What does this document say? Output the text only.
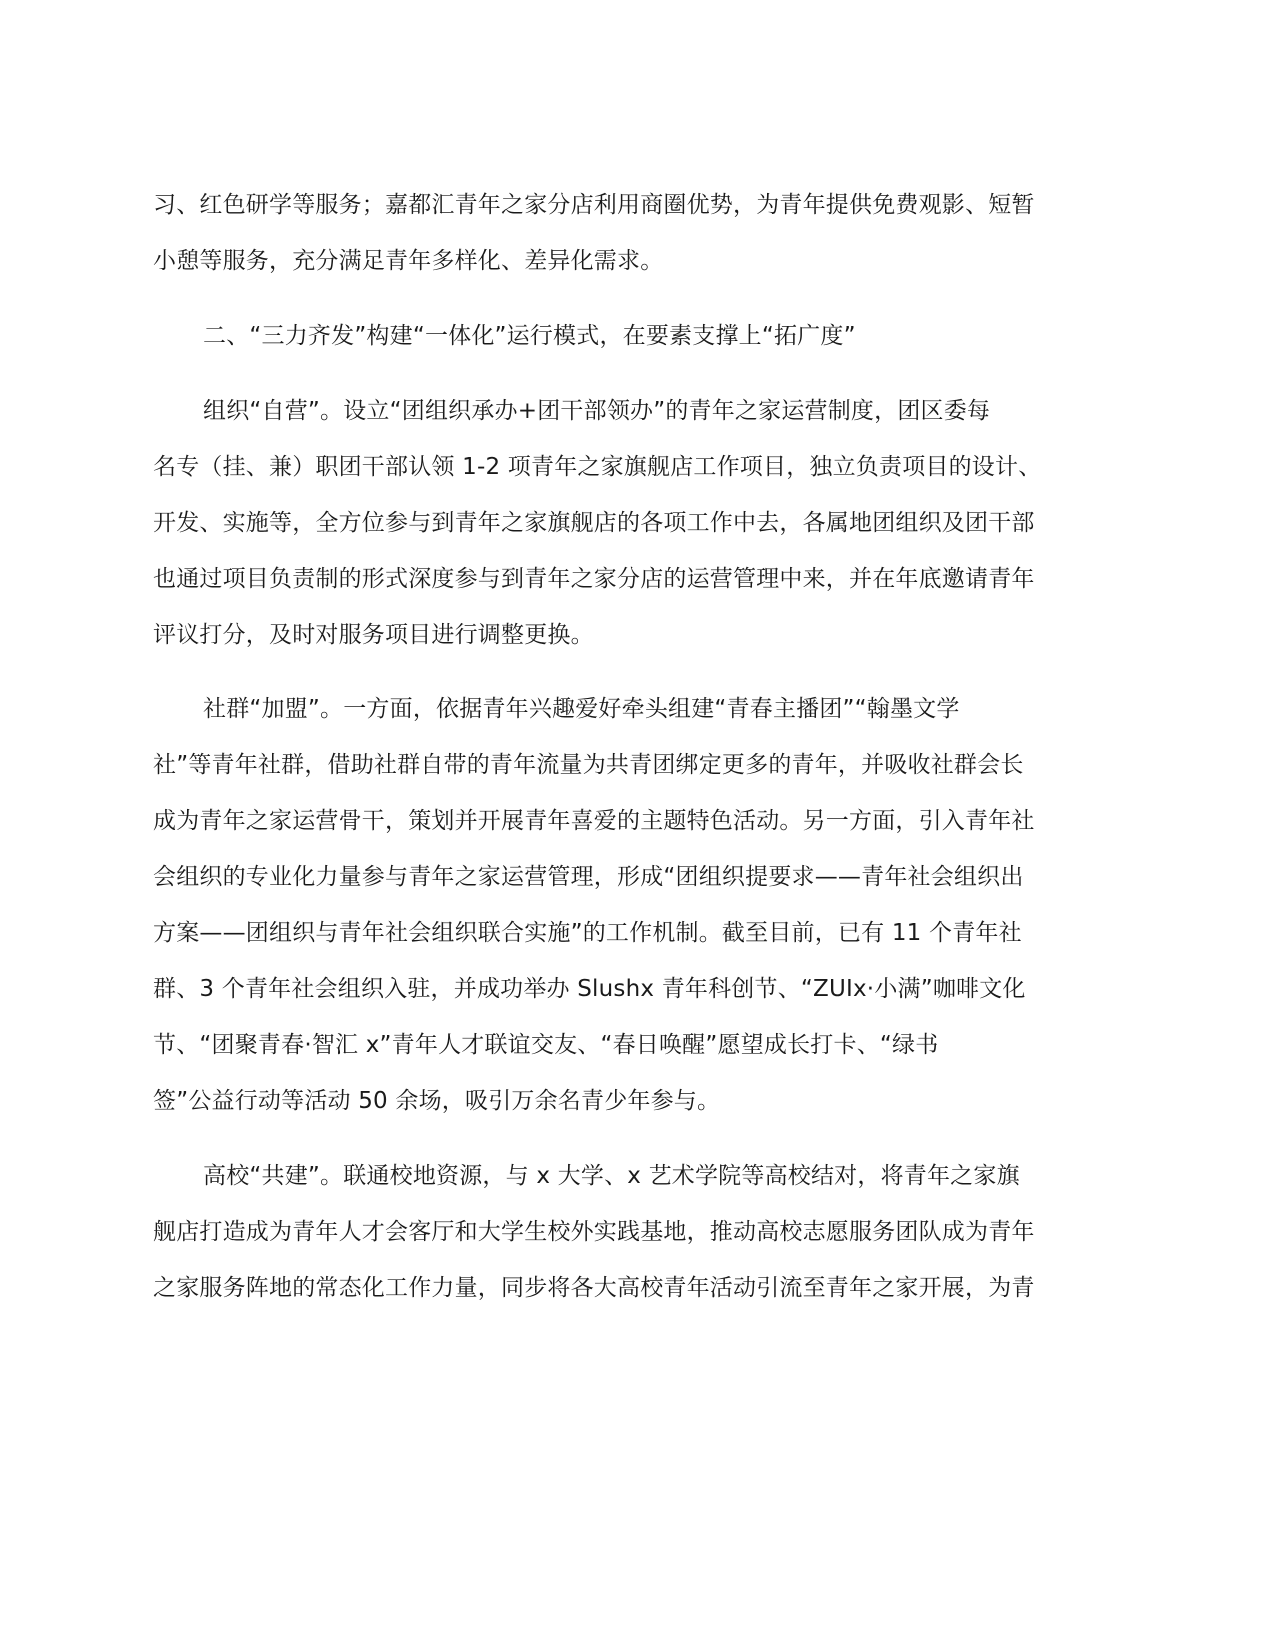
习、红色研学等服务；嘉都汇青年之家分店利用商圈优势，为青年提供免费观影、短暂
小憩等服务，充分满足青年多样化、差异化需求。
二、“三力齐发”构建“一体化”运行模式，在要素支撑上“拓广度”
组织“自营”。设立“团组织承办+团干部领办”的青年之家运营制度，团区委每
名专（挂、兼）职团干部认领 1-2 项青年之家旗舰店工作项目，独立负责项目的设计、
开发、实施等，全方位参与到青年之家旗舰店的各项工作中去，各属地团组织及团干部
也通过项目负责制的形式深度参与到青年之家分店的运营管理中来，并在年底邀请青年
评议打分，及时对服务项目进行调整更换。
社群“加盟”。一方面，依据青年兴趣爱好牵头组建“青春主播团”“翰墨文学
社”等青年社群，借助社群自带的青年流量为共青团绑定更多的青年，并吸收社群会长
成为青年之家运营骨干，策划并开展青年喜爱的主题特色活动。另一方面，引入青年社
会组织的专业化力量参与青年之家运营管理，形成“团组织提要求——青年社会组织出
方案——团组织与青年社会组织联合实施”的工作机制。截至目前，已有 11 个青年社
群、3 个青年社会组织入驻，并成功举办 Slushx 青年科创节、“ZUIx·小满”咖啡文化
节、“团聚青春·智汇 x”青年人才联谊交友、“春日唤醒”愿望成长打卡、“绿书
签”公益行动等活动 50 余场，吸引万余名青少年参与。
高校“共建”。联通校地资源，与 x 大学、x 艺术学院等高校结对，将青年之家旗
舰店打造成为青年人才会客厅和大学生校外实践基地，推动高校志愿服务团队成为青年
之家服务阵地的常态化工作力量，同步将各大高校青年活动引流至青年之家开展，为青
